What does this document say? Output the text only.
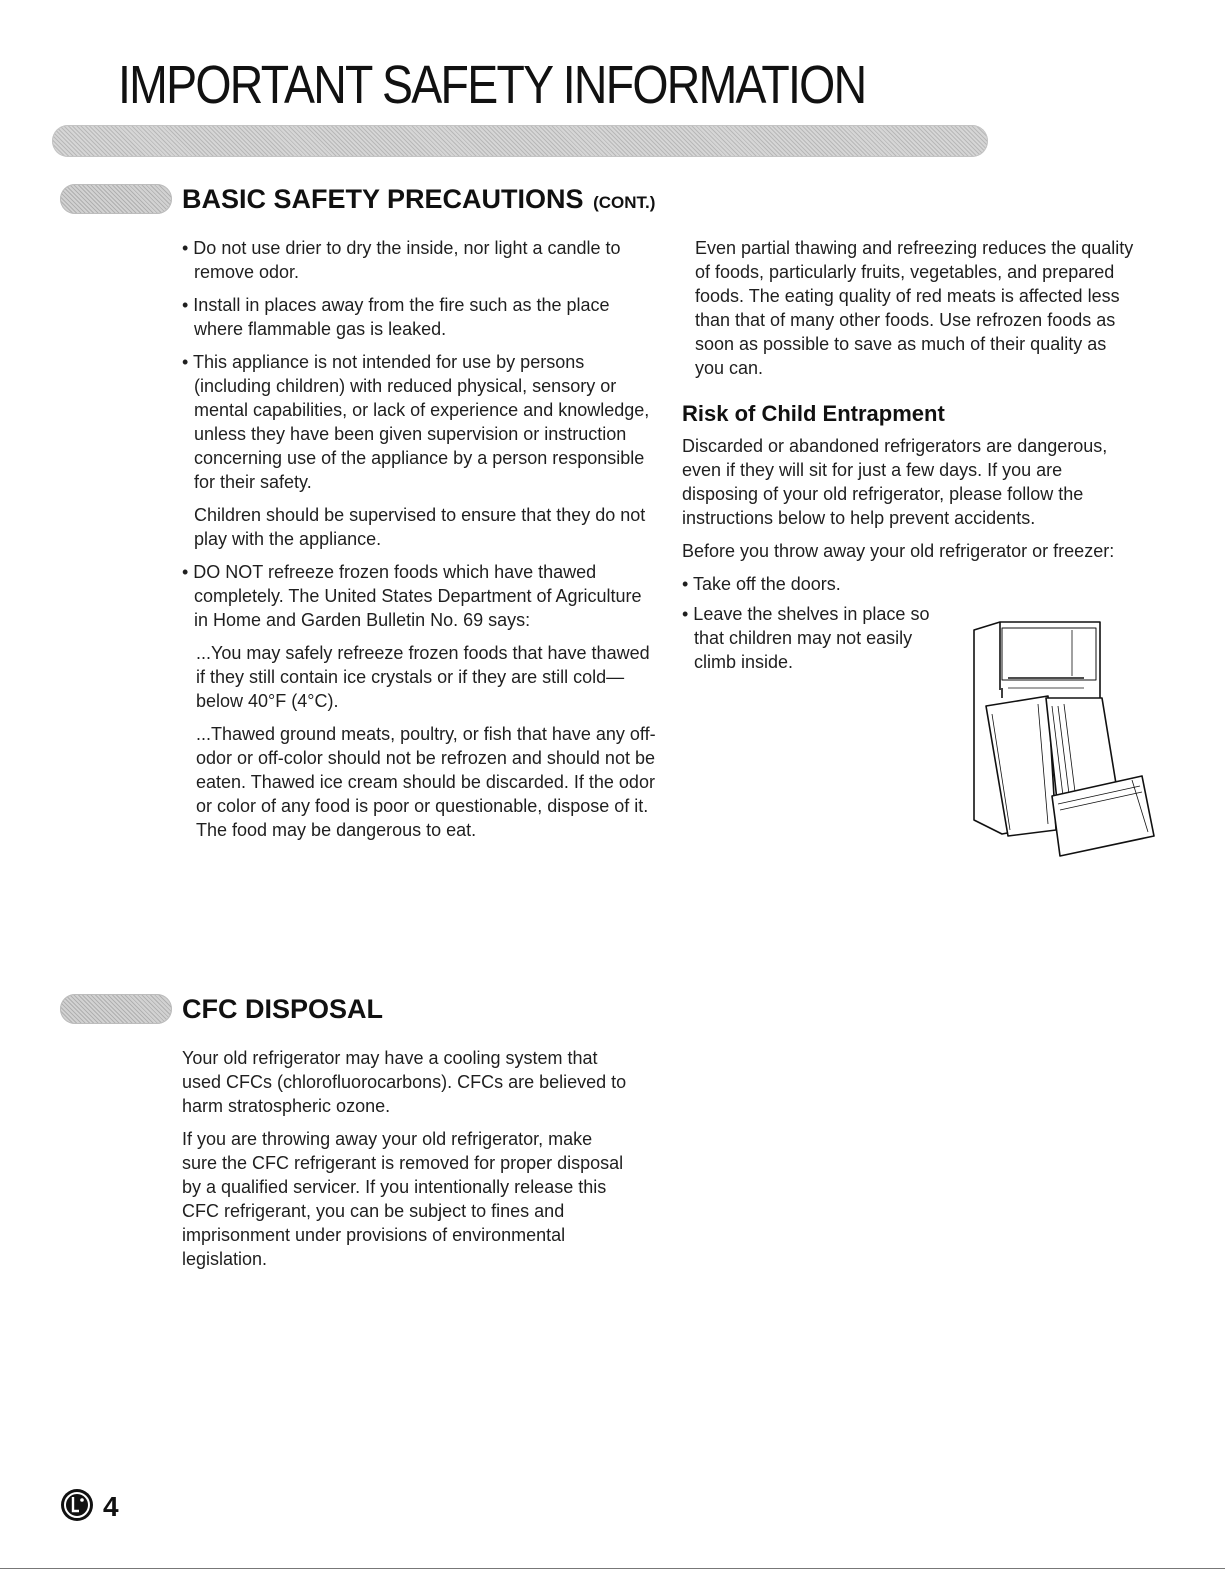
IMPORTANT SAFETY INFORMATION
BASIC SAFETY PRECAUTIONS (CONT.)

• Do not use drier to dry the inside, nor light a candle to remove odor.

• Install in places away from the fire such as the place where flammable gas is leaked.

• This appliance is not intended for use by persons (including children) with reduced physical, sensory or mental capabilities, or lack of experience and knowledge, unless they have been given supervision or instruction concerning use of the appliance by a person responsible for their safety.

Children should be supervised to ensure that they do not play with the appliance.

• DO NOT refreeze frozen foods which have thawed completely. The United States Department of Agriculture in Home and Garden Bulletin No. 69 says:

...You may safely refreeze frozen foods that have thawed if they still contain ice crystals or if they are still cold—below 40°F (4°C).

...Thawed ground meats, poultry, or fish that have any off-odor or off-color should not be refrozen and should not be eaten. Thawed ice cream should be discarded. If the odor or color of any food is poor or questionable, dispose of it. The food may be dangerous to eat.

Even partial thawing and refreezing reduces the quality of foods, particularly fruits, vegetables, and prepared foods. The eating quality of red meats is affected less than that of many other foods. Use refrozen foods as soon as possible to save as much of their quality as you can.

Risk of Child Entrapment

Discarded or abandoned refrigerators are dangerous, even if they will sit for just a few days. If you are disposing of your old refrigerator, please follow the instructions below to help prevent accidents.

Before you throw away your old refrigerator or freezer:

• Take off the doors.

• Leave the shelves in place so that children may not easily climb inside.

CFC DISPOSAL

Your old refrigerator may have a cooling system that used CFCs (chlorofluorocarbons). CFCs are believed to harm stratospheric ozone.

If you are throwing away your old refrigerator, make sure the CFC refrigerant is removed for proper disposal by a qualified servicer. If you intentionally release this CFC refrigerant, you can be subject to fines and imprisonment under provisions of environmental legislation.

4
